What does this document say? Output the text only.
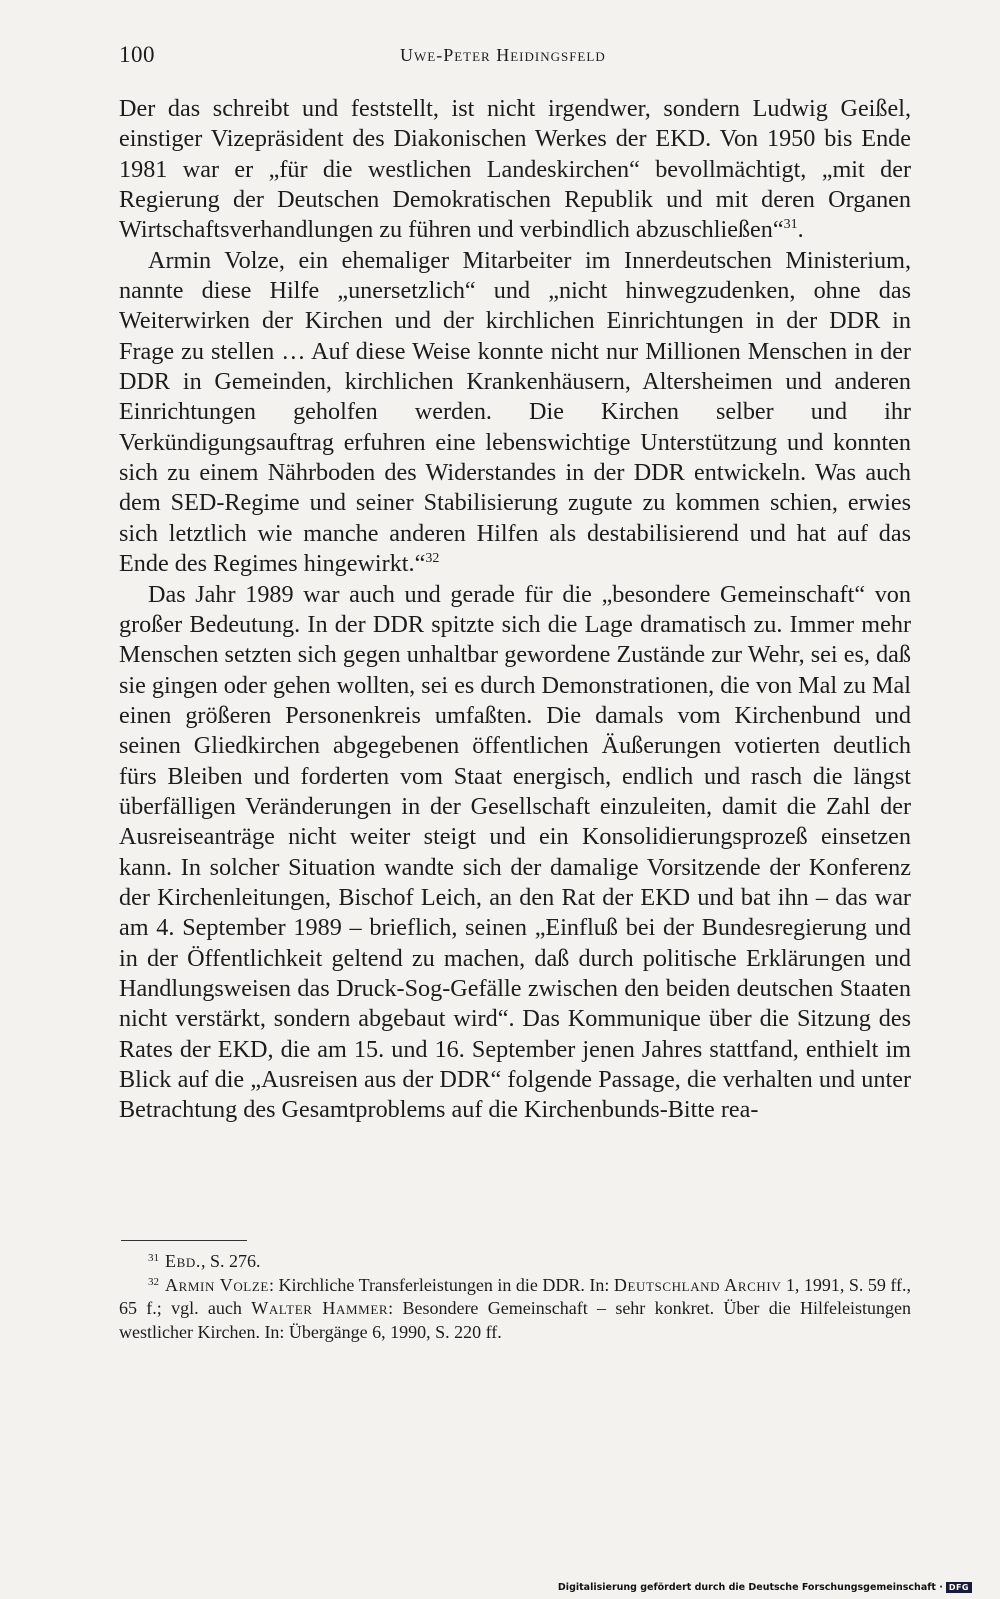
100	Uwe-Peter Heidingsfeld

Der das schreibt und feststellt, ist nicht irgendwer, sondern Ludwig Geißel, einstiger Vizepräsident des Diakonischen Werkes der EKD. Von 1950 bis Ende 1981 war er „für die westlichen Landeskirchen“ bevollmächtigt, „mit der Regierung der Deutschen Demokratischen Republik und mit deren Organen Wirtschaftsverhandlungen zu führen und verbindlich abzuschließen“$^{31}$.

Armin Volze, ein ehemaliger Mitarbeiter im Innerdeutschen Ministerium, nannte diese Hilfe „unersetzlich“ und „nicht hinwegzudenken, ohne das Weiterwirken der Kirchen und der kirchlichen Einrichtungen in der DDR in Frage zu stellen … Auf diese Weise konnte nicht nur Millionen Menschen in der DDR in Gemeinden, kirchlichen Krankenhäusern, Altersheimen und anderen Einrichtungen geholfen werden. Die Kirchen selber und ihr Verkündigungsauftrag erfuhren eine lebenswichtige Unterstützung und konnten sich zu einem Nährboden des Widerstandes in der DDR entwickeln. Was auch dem SED-Regime und seiner Stabilisierung zugute zu kommen schien, erwies sich letztlich wie manche anderen Hilfen als destabilisierend und hat auf das Ende des Regimes hingewirkt.“$^{32}$

Das Jahr 1989 war auch und gerade für die „besondere Gemeinschaft“ von großer Bedeutung. In der DDR spitzte sich die Lage dramatisch zu. Immer mehr Menschen setzten sich gegen unhaltbar gewordene Zustände zur Wehr, sei es, daß sie gingen oder gehen wollten, sei es durch Demonstrationen, die von Mal zu Mal einen größeren Personenkreis umfaßten. Die damals vom Kirchenbund und seinen Gliedkirchen abgegebenen öffentlichen Äußerungen votierten deutlich fürs Bleiben und forderten vom Staat energisch, endlich und rasch die längst überfälligen Veränderungen in der Gesellschaft einzuleiten, damit die Zahl der Ausreiseanträge nicht weiter steigt und ein Konsolidierungsprozeß einsetzen kann. In solcher Situation wandte sich der damalige Vorsitzende der Konferenz der Kirchenleitungen, Bischof Leich, an den Rat der EKD und bat ihn – das war am 4. September 1989 – brieflich, seinen „Einfluß bei der Bundesregierung und in der Öffentlichkeit geltend zu machen, daß durch politische Erklärungen und Handlungsweisen das Druck-Sog-Gefälle zwischen den beiden deutschen Staaten nicht verstärkt, sondern abgebaut wird“. Das Kommunique über die Sitzung des Rates der EKD, die am 15. und 16. September jenen Jahres stattfand, enthielt im Blick auf die „Ausreisen aus der DDR“ folgende Passage, die verhalten und unter Betrachtung des Gesamtproblems auf die Kirchenbunds-Bitte rea-

$^{31}$ Ebd., S. 276.

$^{32}$ Armin Volze: Kirchliche Transferleistungen in die DDR. In: Deutschland Archiv 1, 1991, S. 59 ff., 65 f.; vgl. auch Walter Hammer: Besondere Gemeinschaft – sehr konkret. Über die Hilfeleistungen westlicher Kirchen. In: Übergänge 6, 1990, S. 220 ff.

Digitalisierung gefördert durch die Deutsche Forschungsgemeinschaft · DFG
